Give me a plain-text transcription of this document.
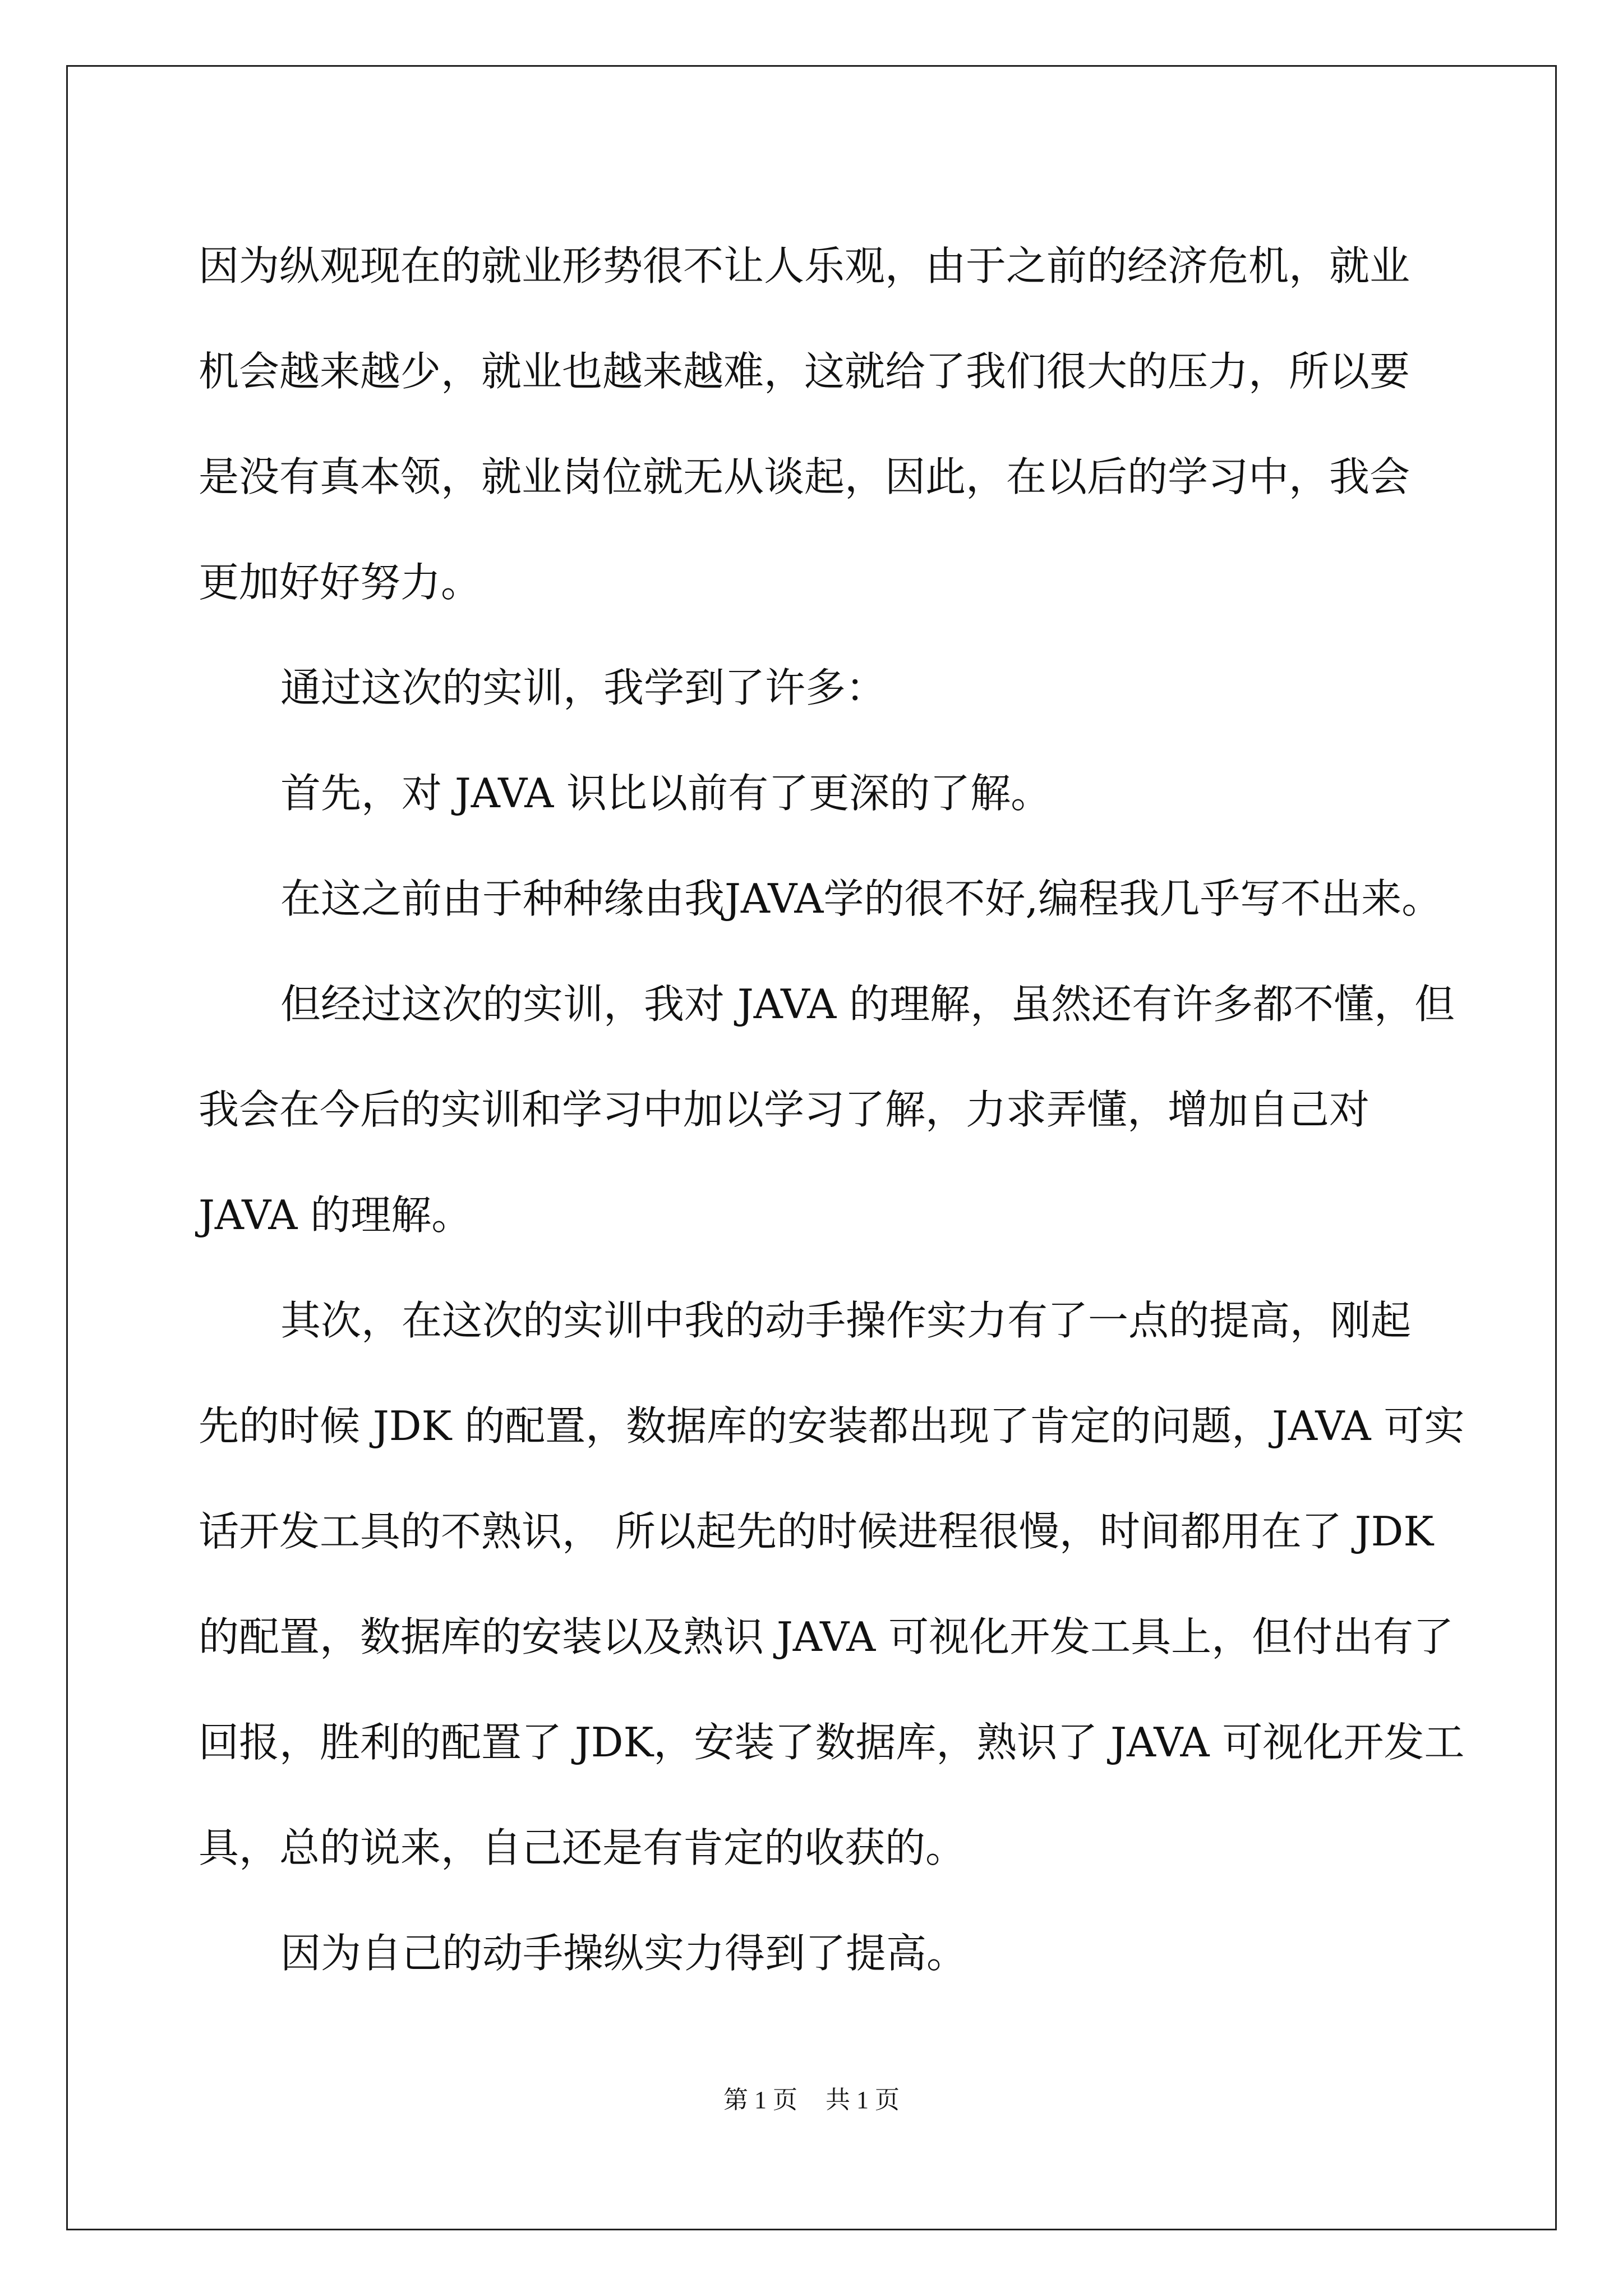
因为纵观现在的就业形势很不让人乐观，由于之前的经济危机，就业

机会越来越少，就业也越来越难，这就给了我们很大的压力，所以要

是没有真本领，就业岗位就无从谈起，因此，在以后的学习中，我会

更加好好努力。

通过这次的实训，我学到了许多：

首先，对 JAVA 识比以前有了更深的了解。

在这之前由于种种缘由我JAVA学的很不好,编程我几乎写不出来。

但经过这次的实训，我对 JAVA 的理解，虽然还有许多都不懂，但

我会在今后的实训和学习中加以学习了解，力求弄懂，增加自己对

JAVA 的理解。

其次，在这次的实训中我的动手操作实力有了一点的提高，刚起

先的时候 JDK 的配置，数据库的安装都出现了肯定的问题，JAVA 可实

话开发工具的不熟识， 所以起先的时候进程很慢，时间都用在了 JDK

的配置，数据库的安装以及熟识 JAVA 可视化开发工具上，但付出有了

回报，胜利的配置了 JDK，安装了数据库，熟识了 JAVA 可视化开发工

具，总的说来，自己还是有肯定的收获的。

因为自己的动手操纵实力得到了提高。

第 1 页 共 1 页
